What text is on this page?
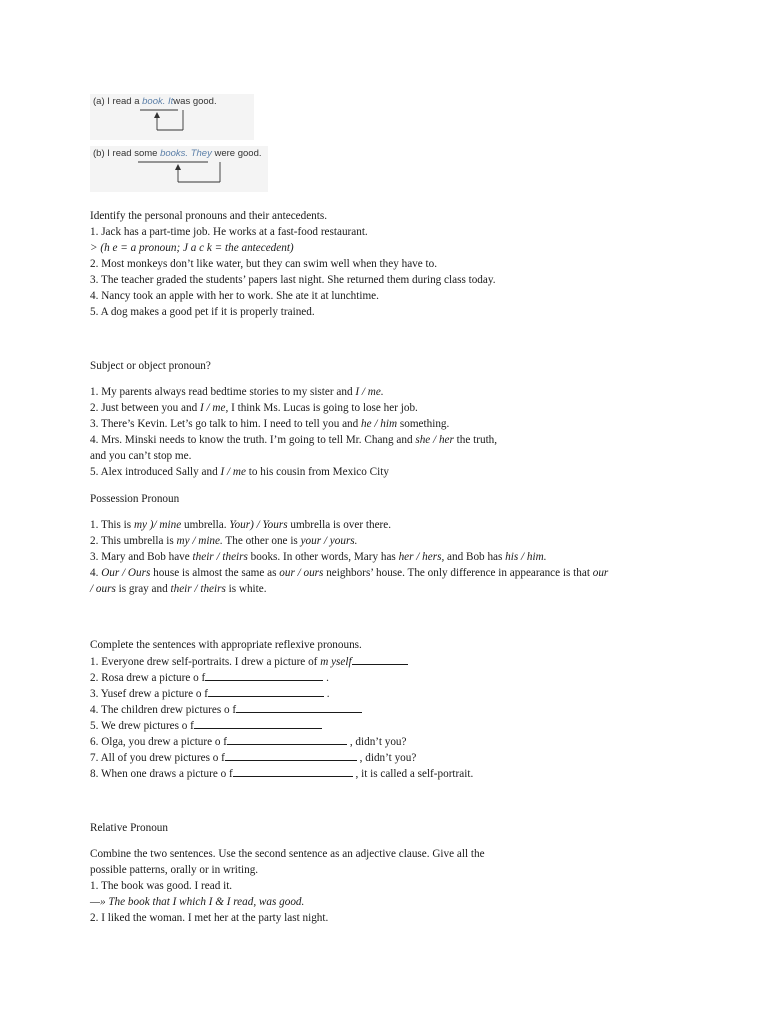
(a) I read a book. Itwas good.
(b) I read some books. They were good.
Identify the personal pronouns and their antecedents.
1. Jack has a part-time job. He works at a fast-food restaurant.
> (h e = a pronoun; J a c k = the antecedent)
2. Most monkeys don’t like water, but they can swim well when they have to.
3. The teacher graded the students’ papers last night. She returned them during class today.
4. Nancy took an apple with her to work. She ate it at lunchtime.
5. A dog makes a good pet if it is properly trained.
Subject or object pronoun?
1. My parents always read bedtime stories to my sister and I / me.
2. Just between you and I / me, I think Ms. Lucas is going to lose her job.
3. There’s Kevin. Let’s go talk to him. I need to tell you and he / him something.
4. Mrs. Minski needs to know the truth. I’m going to tell Mr. Chang and she / her the truth,
and you can’t stop me.
5. Alex introduced Sally and I / me to his cousin from Mexico City
Possession Pronoun
1. This is my )/ mine umbrella. Your) / Yours umbrella is over there.
2. This umbrella is my / mine. The other one is your / yours.
3. Mary and Bob have their / theirs books. In other words, Mary has her / hers, and Bob has his / him.
4. Our / Ours house is almost the same as our / ours neighbors’ house. The only difference in appearance is that our
/ ours is gray and their / theirs is white.
Complete the sentences with appropriate reflexive pronouns.
1. Everyone drew self-portraits. I drew a picture of m yself
2. Rosa drew a picture o f	.
3. Yusef drew a picture o f	.
4. The children drew pictures o f
5. We drew pictures o f
6. Olga, you drew a picture o f	, didn’t you?
7. All of you drew pictures o f	, didn’t you?
8. When one draws a picture o f	, it is called a self-portrait.
Relative Pronoun
Combine the two sentences. Use the second sentence as an adjective clause. Give all the
possible patterns, orally or in writing.
1. The book was good. I read it.
—» The book that I which I & I read, was good.
2. I liked the woman. I met her at the party last night.
